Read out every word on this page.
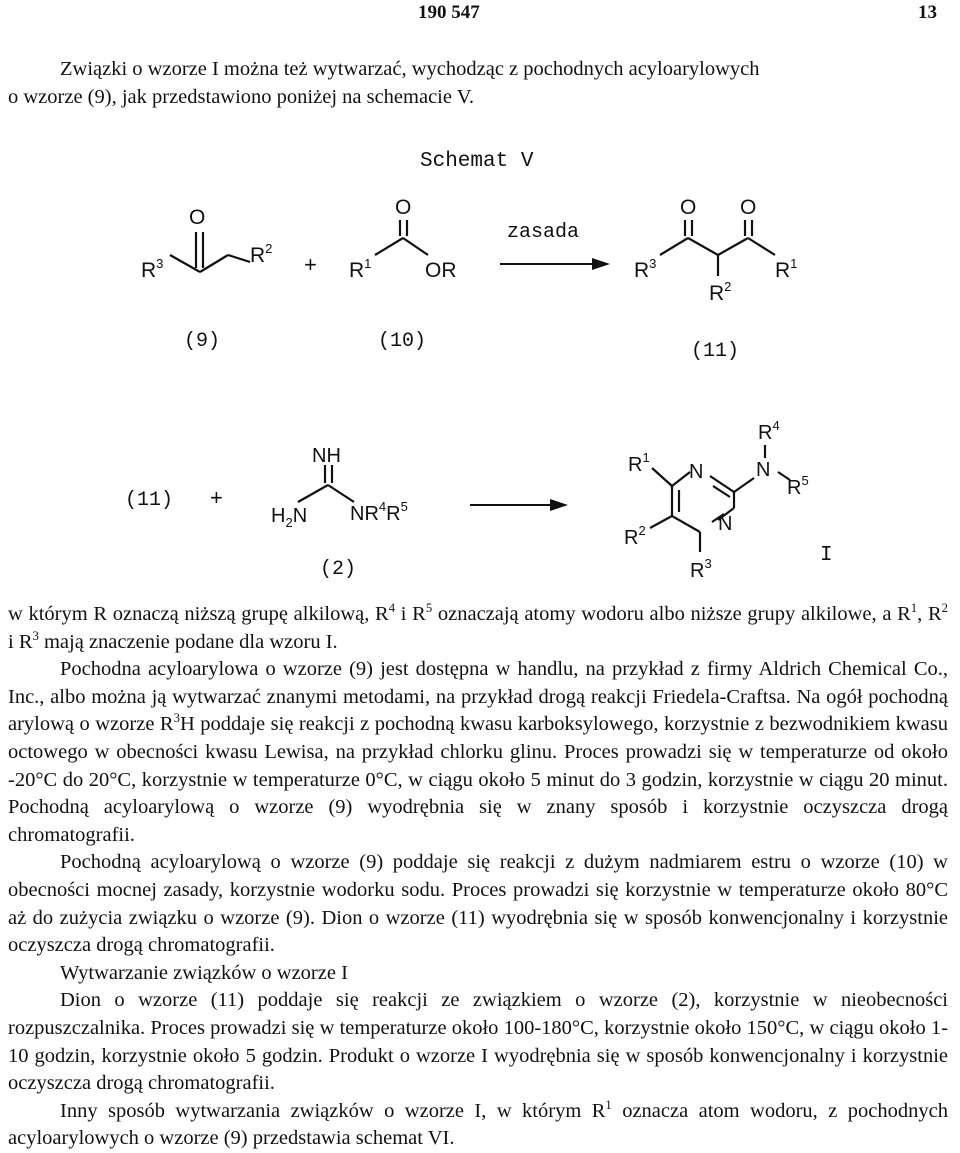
190 547	13

Związki o wzorze I można też wytwarzać, wychodząc z pochodnych acyloarylowych

o wzorze (9), jak przedstawiono poniżej na schemacie V.

Schemat V
O
$R^3$	$R^2$
+
O
$R^1$	OR
zasada
O O
$R^3$	$R^1$
$R^2$
(9)	(10)	(11)
(11) +
NH
$H_2N$ $NR^4R^5$
(2)
N
N
N
$R^4$
$R^5$
$R^1$
$R^2$
$R^3$	I

w którym R oznaczą niższą grupę alkilową, $R^4$ i $R^5$ oznaczają atomy wodoru albo niższe grupy alkilowe, a $R^1$, $R^2$ i $R^3$ mają znaczenie podane dla wzoru I.

Pochodna acyloarylowa o wzorze (9) jest dostępna w handlu, na przykład z firmy Aldrich Chemical Co., Inc., albo można ją wytwarzać znanymi metodami, na przykład drogą reakcji Friedela-Craftsa. Na ogół pochodną arylową o wzorze $R^3H$ poddaje się reakcji z pochodną kwasu karboksylowego, korzystnie z bezwodnikiem kwasu octowego w obecności kwasu Lewisa, na przykład chlorku glinu. Proces prowadzi się w temperaturze od około -20°C do 20°C, korzystnie w temperaturze 0°C, w ciągu około 5 minut do 3 godzin, korzystnie w ciągu 20 minut. Pochodną acyloarylową o wzorze (9) wyodrębnia się w znany sposób i korzystnie oczyszcza drogą chromatografii.

Pochodną acyloarylową o wzorze (9) poddaje się reakcji z dużym nadmiarem estru o wzorze (10) w obecności mocnej zasady, korzystnie wodorku sodu. Proces prowadzi się korzystnie w temperaturze około 80°C aż do zużycia związku o wzorze (9). Dion o wzorze (11) wyodrębnia się w sposób konwencjonalny i korzystnie oczyszcza drogą chromatografii.

Wytwarzanie związków o wzorze I

Dion o wzorze (11) poddaje się reakcji ze związkiem o wzorze (2), korzystnie w nieobecności rozpuszczalnika. Proces prowadzi się w temperaturze około 100-180°C, korzystnie około 150°C, w ciągu około 1-10 godzin, korzystnie około 5 godzin. Produkt o wzorze I wyodrębnia się w sposób konwencjonalny i korzystnie oczyszcza drogą chromatografii.

Inny sposób wytwarzania związków o wzorze I, w którym $R^1$ oznacza atom wodoru, z pochodnych acyloarylowych o wzorze (9) przedstawia schemat VI.
